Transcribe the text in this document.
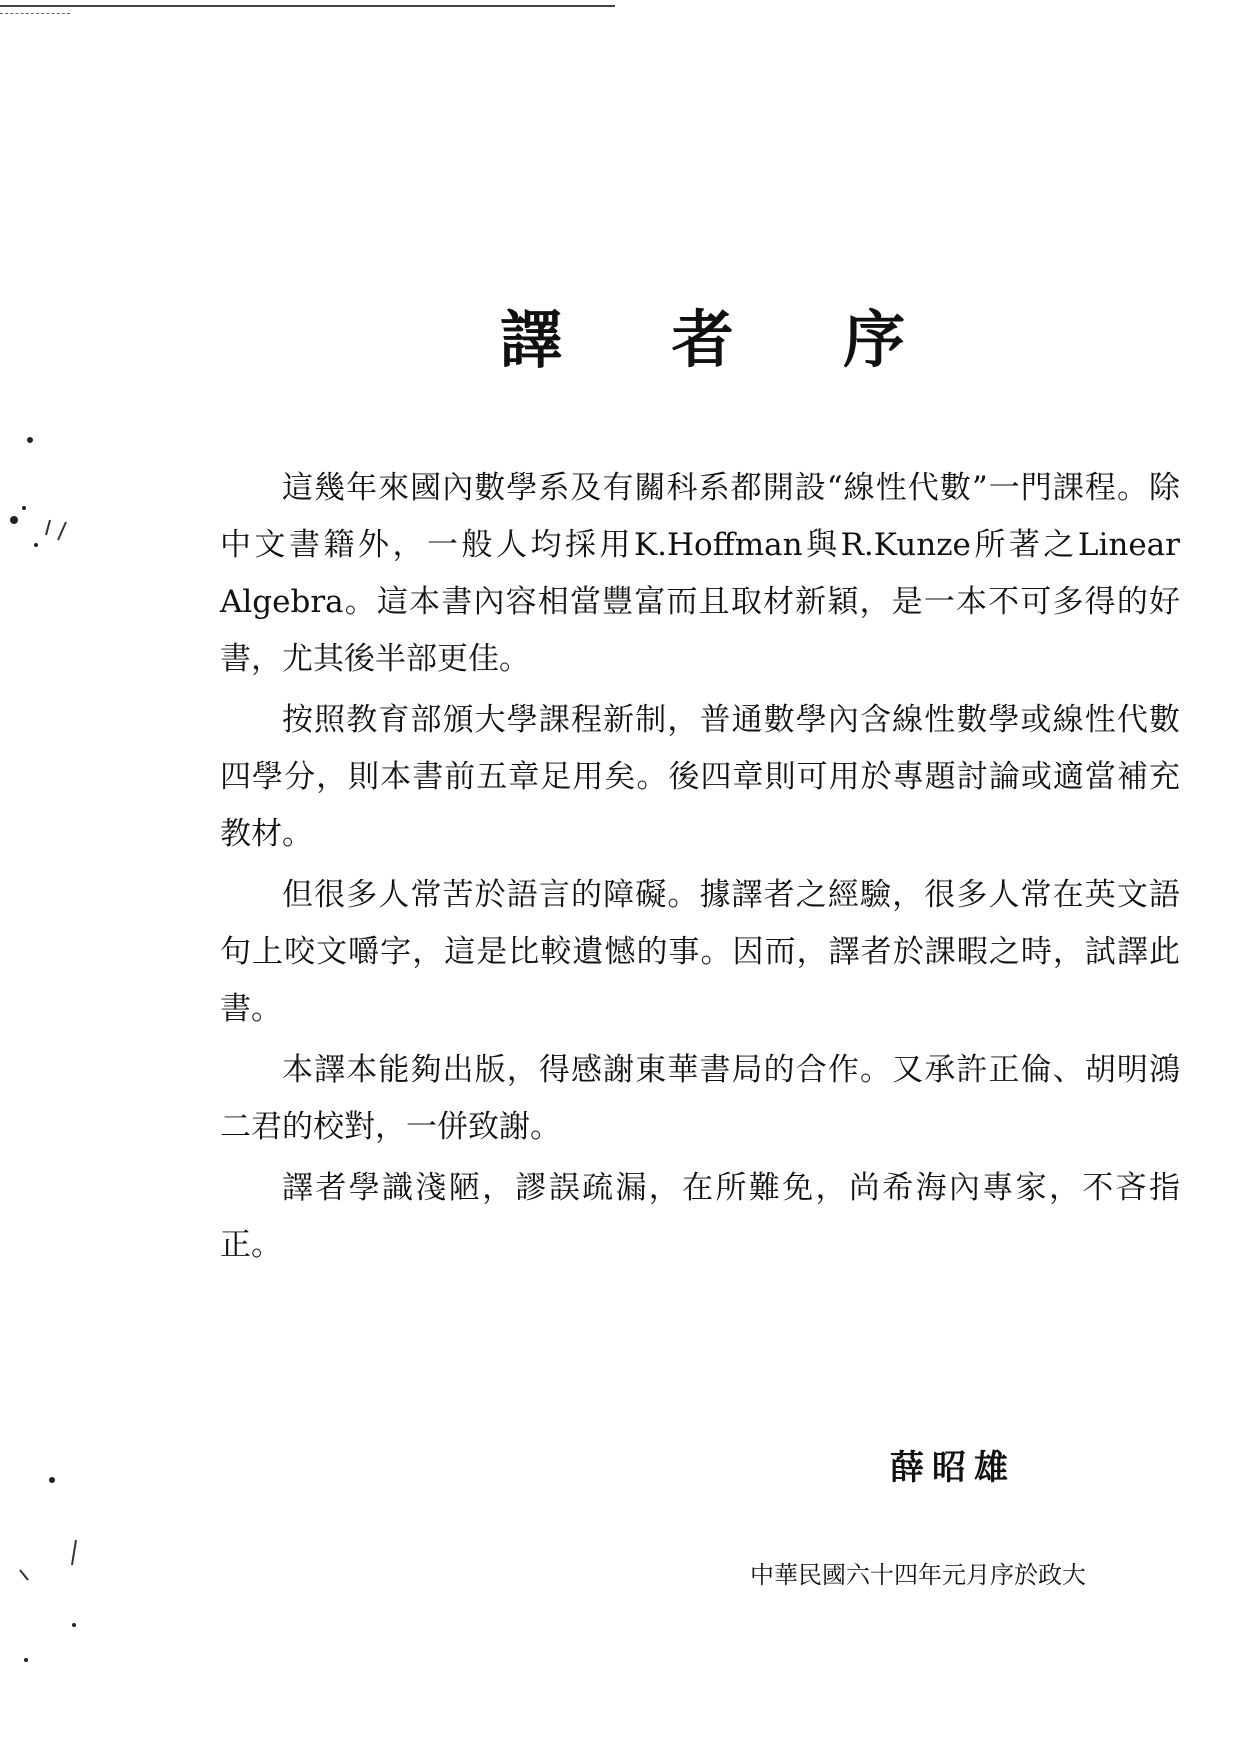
譯 者 序

這幾年來國內數學系及有關科系都開設“線性代數”一門課程。除中文書籍外，一般人均採用K.Hoffman與R.Kunze所著之Linear Algebra。這本書內容相當豐富而且取材新穎，是一本不可多得的好書，尤其後半部更佳。

按照教育部頒大學課程新制，普通數學內含線性數學或線性代數四學分，則本書前五章足用矣。後四章則可用於專題討論或適當補充教材。

但很多人常苦於語言的障礙。據譯者之經驗，很多人常在英文語句上咬文嚼字，這是比較遺憾的事。因而，譯者於課暇之時，試譯此書。

本譯本能夠出版，得感謝東華書局的合作。又承許正倫、胡明鴻二君的校對，一併致謝。

譯者學識淺陋，謬誤疏漏，在所難免，尚希海內專家，不吝指正。

薛昭雄
中華民國六十四年元月序於政大
